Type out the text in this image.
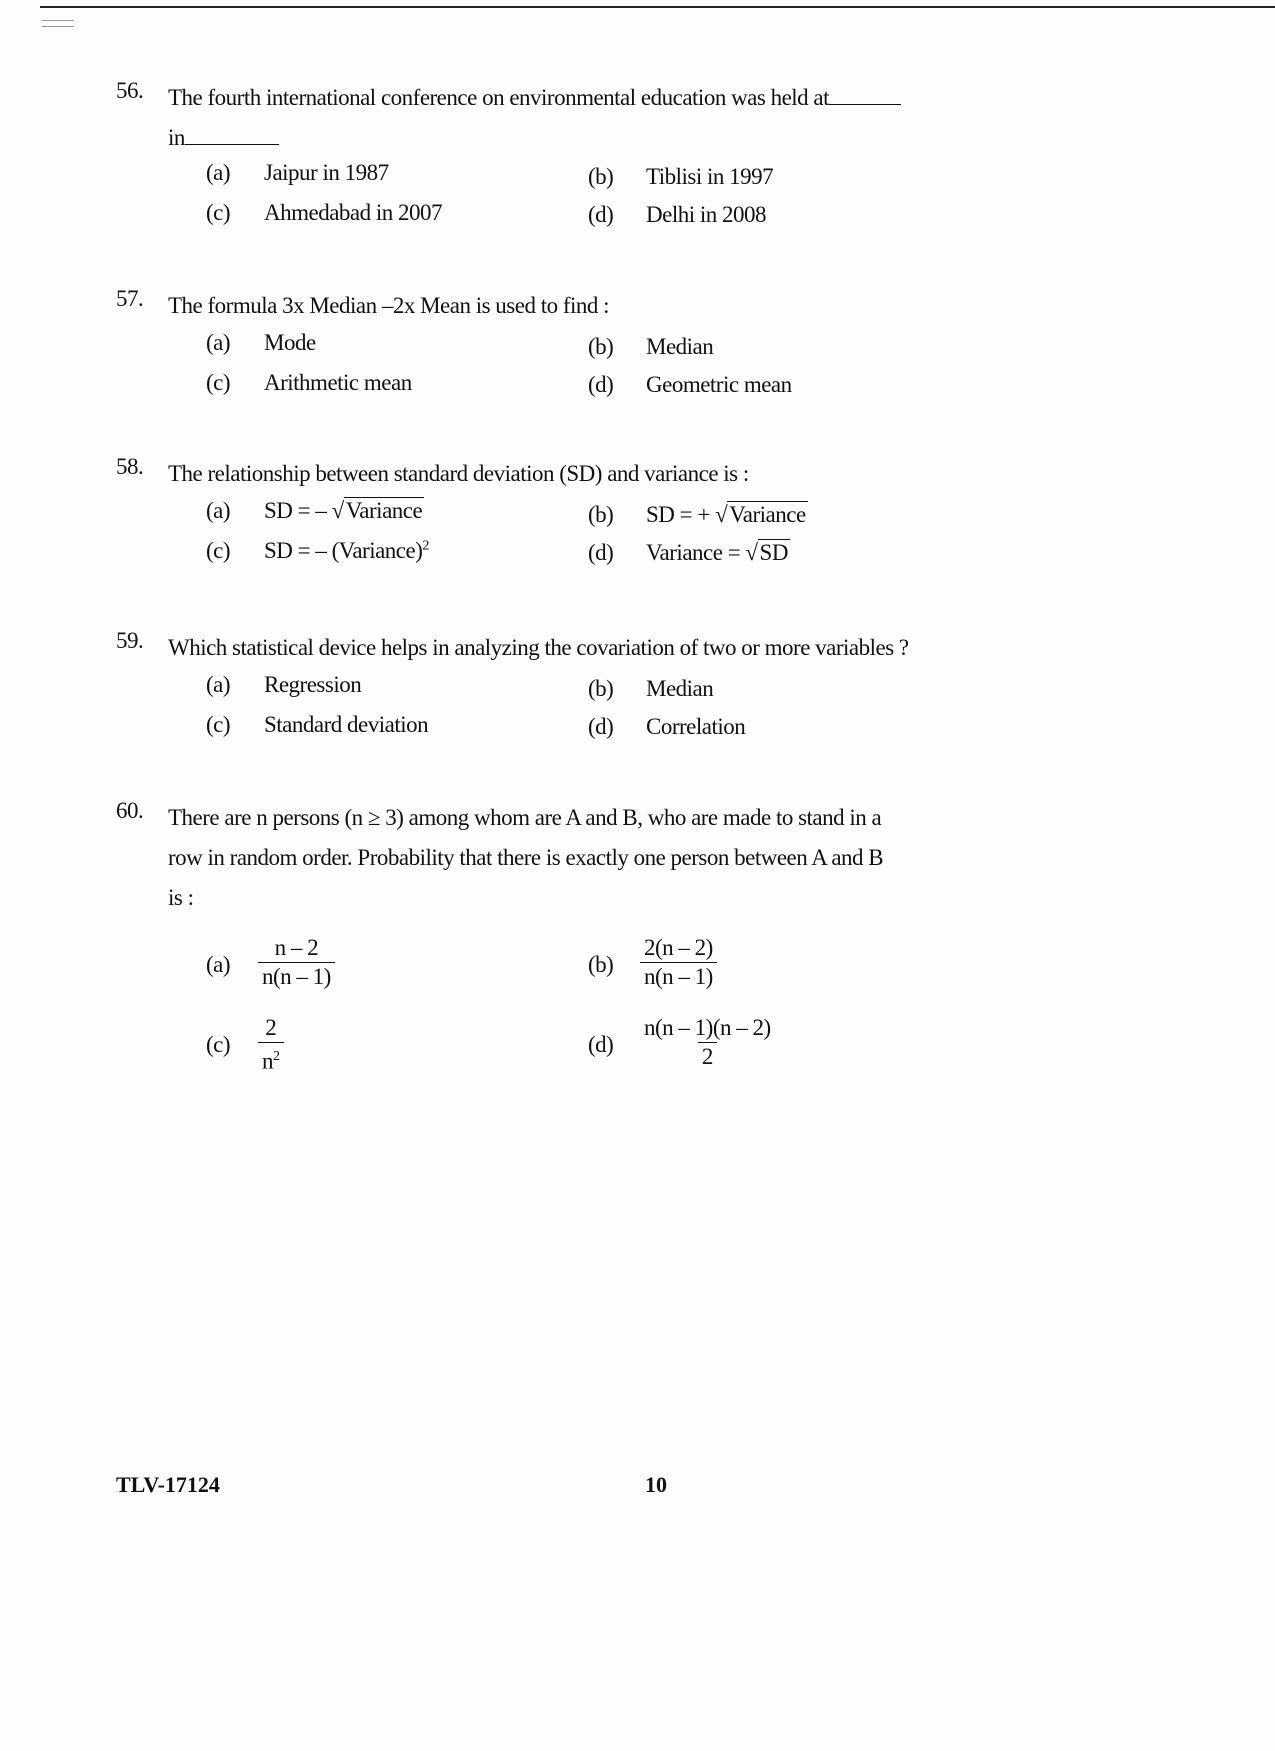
56. The fourth international conference on environmental education was held at
in
(a) Jaipur in 1987	(b) Tiblisi in 1997
(c) Ahmedabad in 2007	(d) Delhi in 2008
57. The formula 3x Median –2x Mean is used to find :
(a) Mode	(b) Median
(c) Arithmetic mean	(d) Geometric mean
58. The relationship between standard deviation (SD) and variance is :
(a) SD = – √Variance	(b) SD = + √Variance
(c) SD = – (Variance)$^2$	(d) Variance = √SD
59. Which statistical device helps in analyzing the covariation of two or more variables ?
(a) Regression	(b) Median
(c) Standard deviation	(d) Correlation
60. There are n persons (n ≥ 3) among whom are A and B, who are made to stand in a
row in random order. Probability that there is exactly one person between A and B
is :
$(a) \frac{n - 2}{n(n - 1)}$	$(b) \frac{2(n - 2)}{n(n - 1)}$
$(c) \frac{2}{n^2}$	$(d) \frac{n(n - 1)(n - 2)}{2}$
TLV-17124	10
